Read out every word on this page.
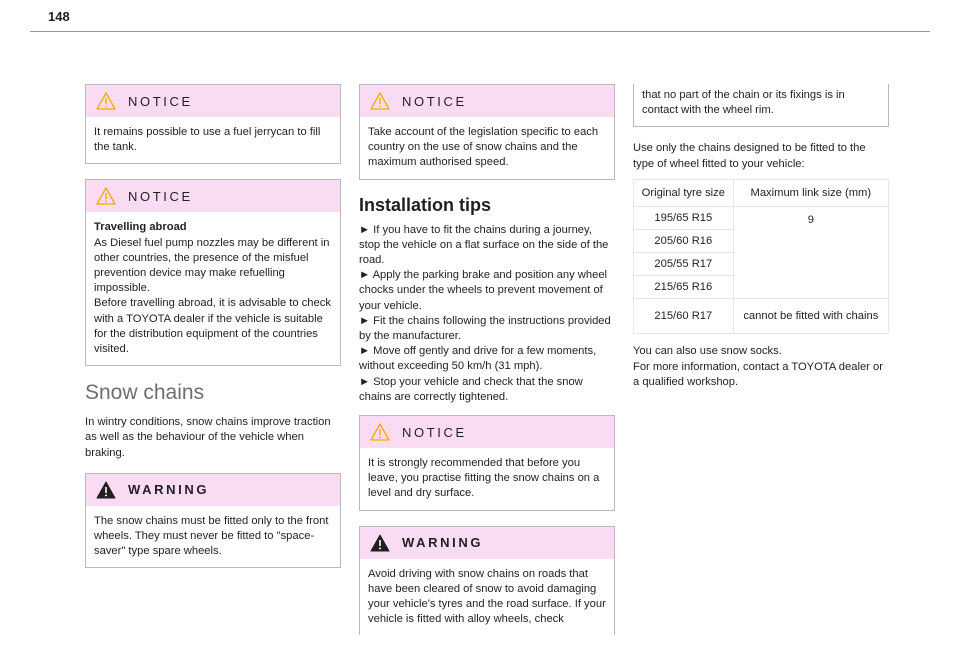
148
NOTICE

It remains possible to use a fuel jerrycan to fill the tank.

NOTICE

Travelling abroad

As Diesel fuel pump nozzles may be different in other countries, the presence of the misfuel prevention device may make refuelling impossible.

Before travelling abroad, it is advisable to check with a TOYOTA dealer if the vehicle is suitable for the distribution equipment of the countries visited.

Snow chains

In wintry conditions, snow chains improve traction as well as the behaviour of the vehicle when braking.

WARNING

The snow chains must be fitted only to the front wheels. They must never be fitted to "space-saver" type spare wheels.

NOTICE

Take account of the legislation specific to each country on the use of snow chains and the maximum authorised speed.

Installation tips

► If you have to fit the chains during a journey, stop the vehicle on a flat surface on the side of the road.

► Apply the parking brake and position any wheel chocks under the wheels to prevent movement of your vehicle.

► Fit the chains following the instructions provided by the manufacturer.

► Move off gently and drive for a few moments, without exceeding 50 km/h (31 mph).

► Stop your vehicle and check that the snow chains are correctly tightened.

NOTICE

It is strongly recommended that before you leave, you practise fitting the snow chains on a level and dry surface.

WARNING

Avoid driving with snow chains on roads that have been cleared of snow to avoid damaging your vehicle's tyres and the road surface. If your vehicle is fitted with alloy wheels, check

that no part of the chain or its fixings is in contact with the wheel rim.

Use only the chains designed to be fitted to the type of wheel fitted to your vehicle:

Original tyre size	Maximum link size (mm)
195/65 R15	9
205/60 R16	
205/55 R17	
215/65 R16	
215/60 R17	cannot be fitted with chains

You can also use snow socks.

For more information, contact a TOYOTA dealer or a qualified workshop.
